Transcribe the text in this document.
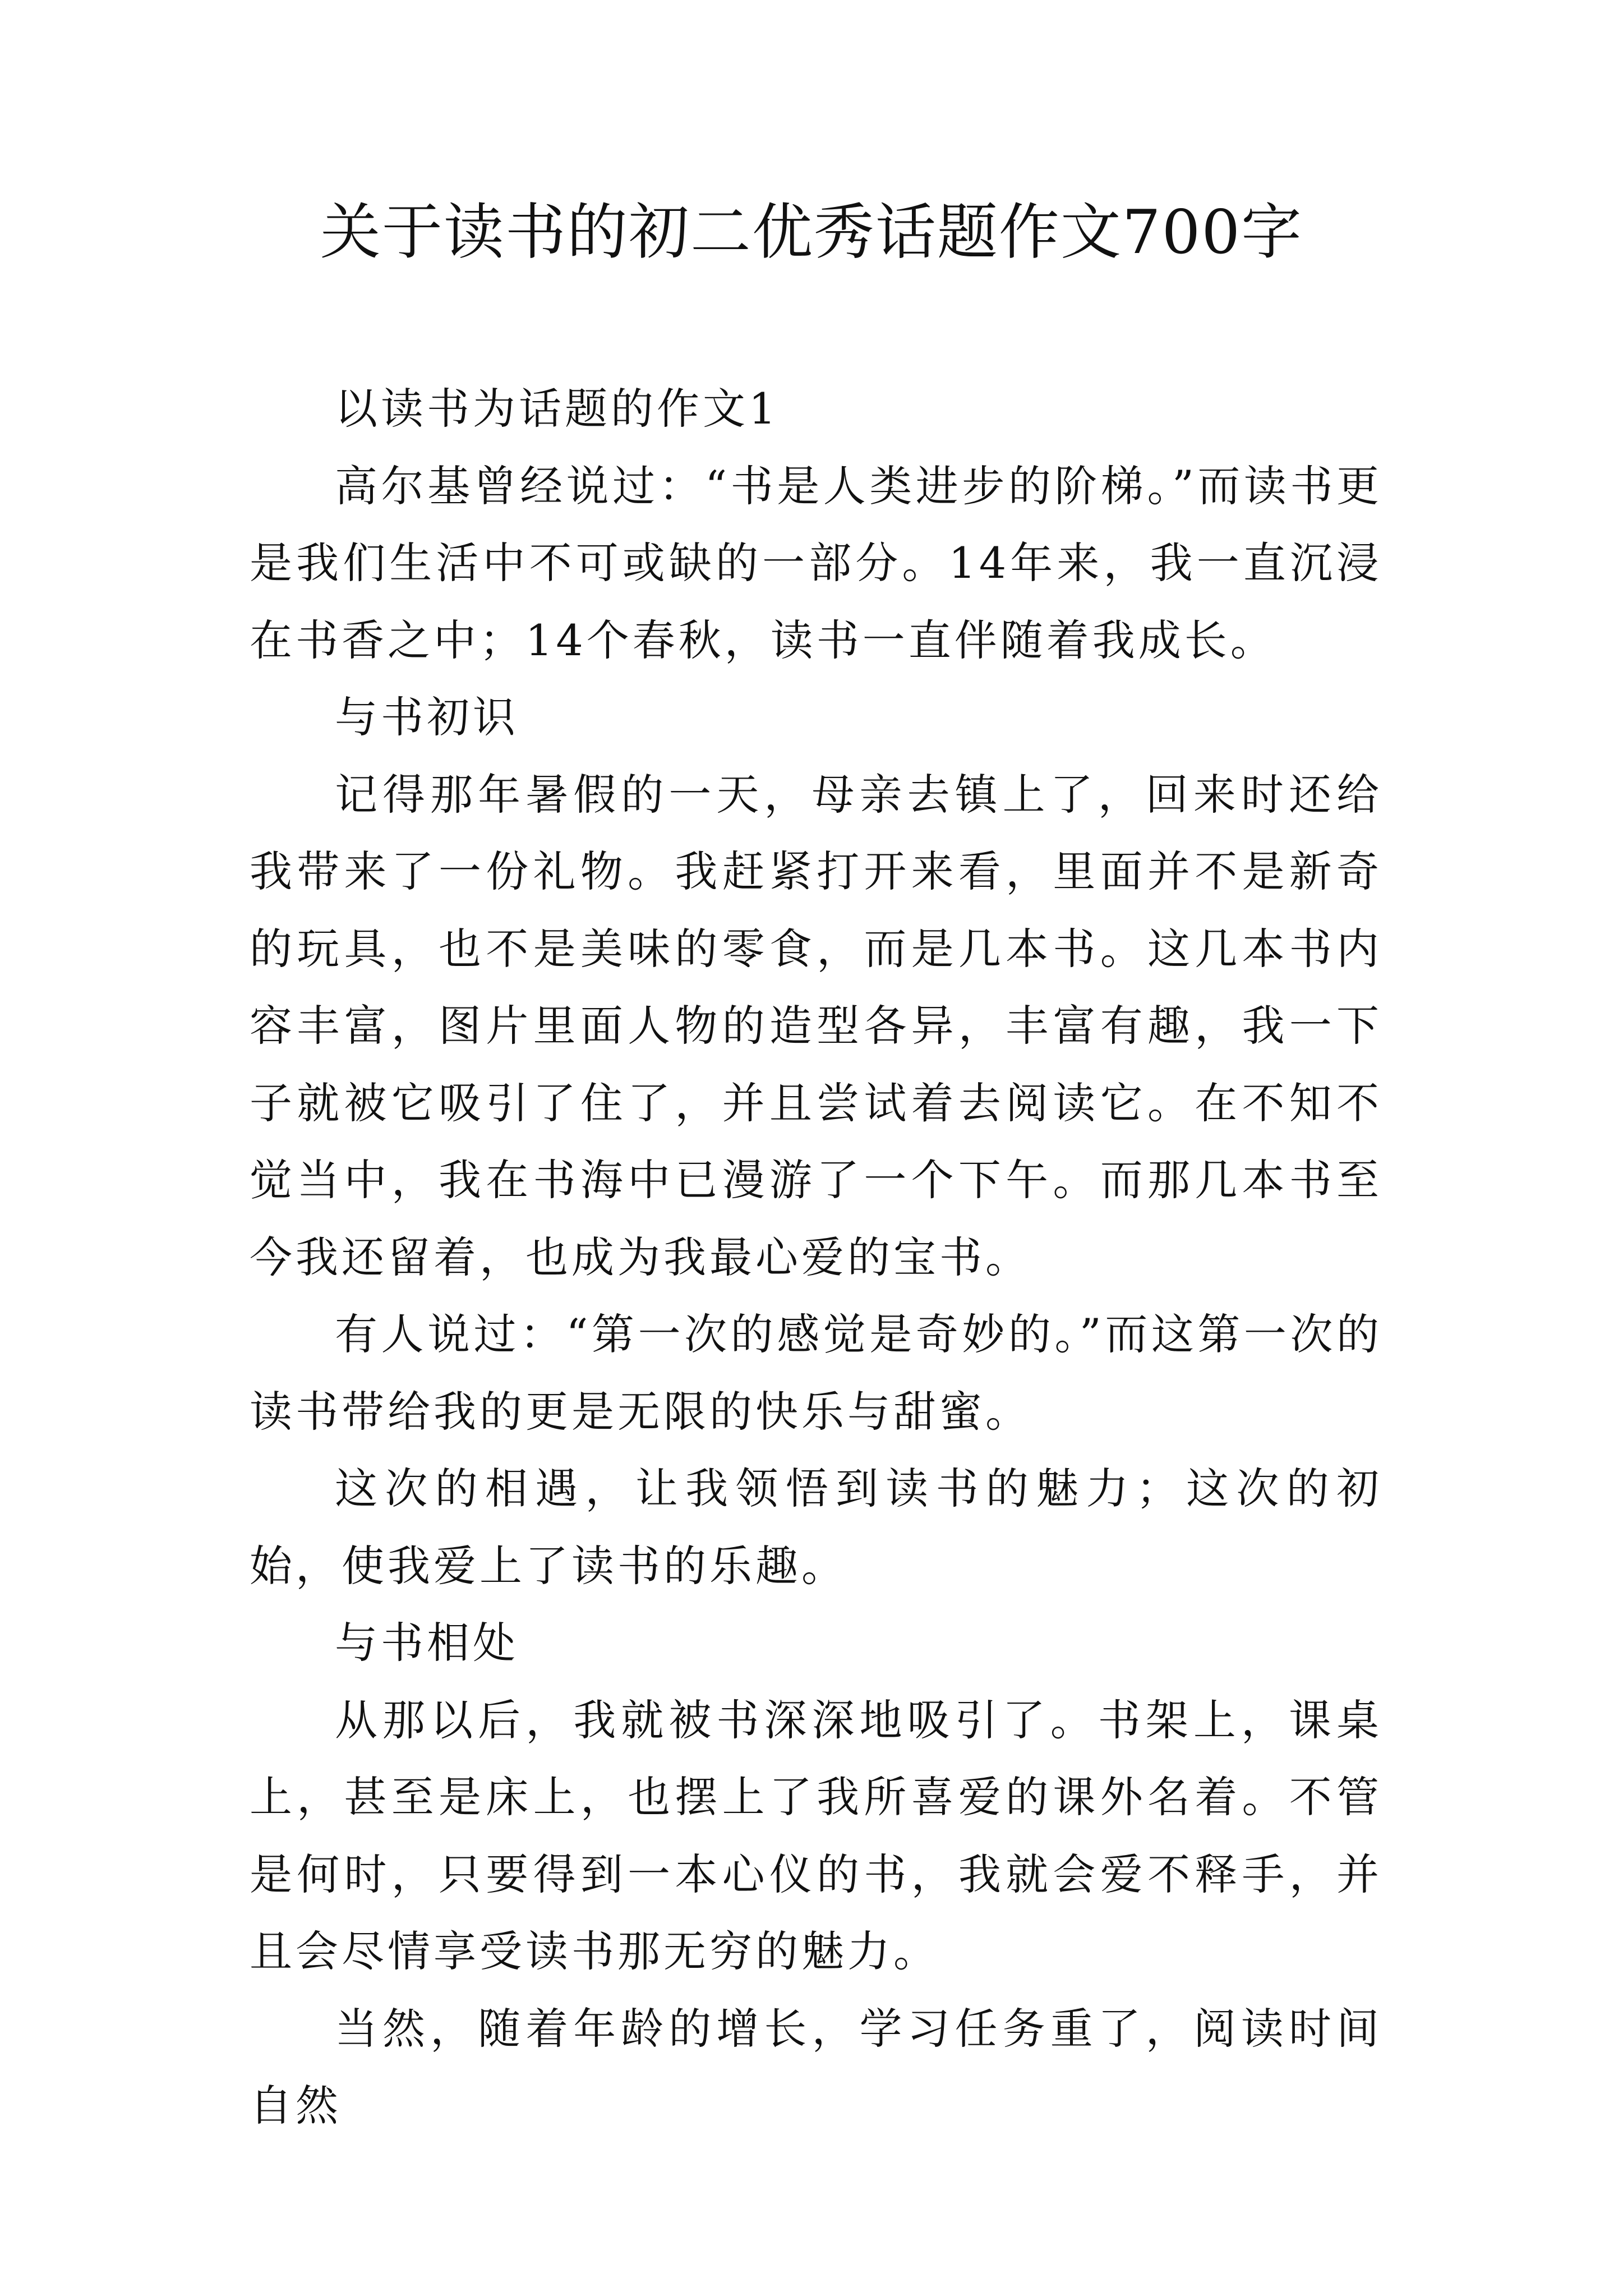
关于读书的初二优秀话题作文700字

以读书为话题的作文1

高尔基曾经说过：“书是人类进步的阶梯。”而读书更是我们生活中不可或缺的一部分。14年来，我一直沉浸在书香之中；14个春秋，读书一直伴随着我成长。

与书初识

记得那年暑假的一天，母亲去镇上了，回来时还给我带来了一份礼物。我赶紧打开来看，里面并不是新奇的玩具，也不是美味的零食，而是几本书。这几本书内容丰富，图片里面人物的造型各异，丰富有趣，我一下子就被它吸引了住了，并且尝试着去阅读它。在不知不觉当中，我在书海中已漫游了一个下午。而那几本书至今我还留着，也成为我最心爱的宝书。

有人说过：“第一次的感觉是奇妙的。”而这第一次的读书带给我的更是无限的快乐与甜蜜。

这次的相遇，让我领悟到读书的魅力；这次的初始，使我爱上了读书的乐趣。

与书相处

从那以后，我就被书深深地吸引了。书架上，课桌上，甚至是床上，也摆上了我所喜爱的课外名着。不管是何时，只要得到一本心仪的书，我就会爱不释手，并且会尽情享受读书那无穷的魅力。

当然，随着年龄的增长，学习任务重了，阅读时间自然
